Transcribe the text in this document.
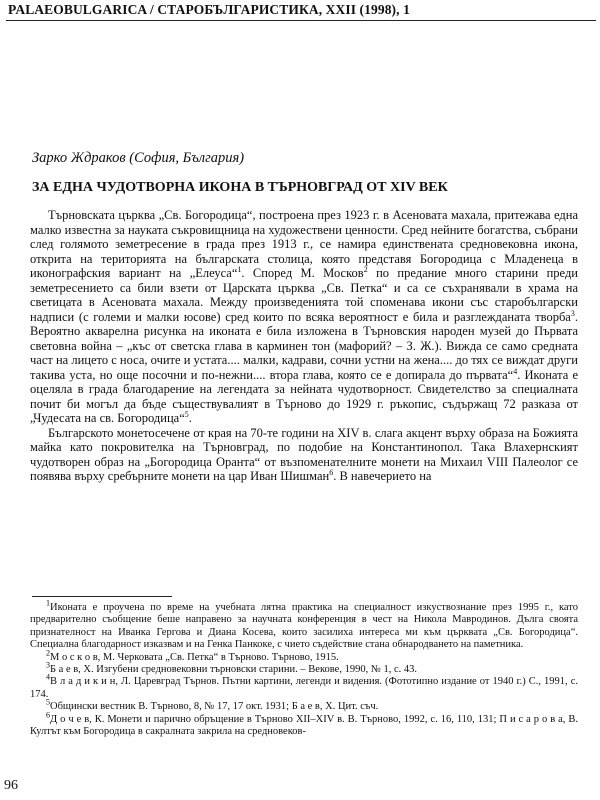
PALAEOBULGARICA / СТАРОБЪЛГАРИСТИКА, XXII (1998), 1
Зарко Ждраков (София, България)
ЗА ЕДНА ЧУДОТВОРНА ИКОНА В ТЪРНОВГРАД ОТ XIV ВЕК

Търновската църква „Св. Богородица“, построена през 1923 г. в Асеновата махала, притежава една малко известна за науката съкровищница на художествени ценности. Сред нейните богатства, събрани след голямото земетресение в града през 1913 г., се намира единствената средновековна икона, открита на територията на българската столица, която представя Богородица с Младенеца в иконографския вариант на „Елеуса“$^1$. Според М. Москов$^2$ по предание много старини преди земетресението са били взети от Царската църква „Св. Петка“ и са се съхранявали в храма на светицата в Асеновата махала. Между произведенията той споменава икони със старобългарски надписи (с големи и малки юсове) сред които по всяка вероятност е била и разглежданата творба$^3$. Вероятно акварелна рисунка на иконата е била изложена в Търновския народен музей до Първата световна война – „къс от светска глава в карминен тон (мафорий? – З. Ж.). Вижда се само средната част на лицето с носа, очите и устата.... малки, кадрави, сочни устни на жена.... до тях се виждат други такива уста, но още посочни и по-нежни.... втора глава, която се е допирала до първата“$^4$. Иконата е оцеляла в града благодарение на легендата за нейната чудотворност. Свидетелство за специалната почит би могъл да бъде съществувалият в Търново до 1929 г. ръкопис, съдържащ 72 разказа от „Чудесата на св. Богородица“$^5$.

Българското монетосечене от края на 70-те години на XIV в. слага акцент върху образа на Божията майка като покровителка на Търновград, по подобие на Константинопол. Така Влахернският чудотворен образ на „Богородица Оранта“ от възпоменателните монети на Михаил VIII Палеолог се появява върху сребърните монети на цар Иван Шишман$^6$. В навечерието на

$^1$Иконата е проучена по време на учебната лятна практика на специалност изкуствознание през 1995 г., като предварително съобщение беше направено за научната конференция в чест на Никола Мавродинов. Дълга своята признателност на Иванка Гергова и Диана Косева, които засилиха интереса ми към църквата „Св. Богородица“. Специална благодарност изказвам и на Генка Панкоке, с чието съдействие стана обнародването на паметника.

$^2$М о с к о в, М. Черковата „Св. Петка“ в Търново. Търново, 1915.

$^3$Б а е в, Х. Изгубени средновековни търновски старини. – Векове, 1990, № 1, с. 43.

$^4$В л а д и к и н, Л. Царевград Търнов. Пътни картини, легенди и видения. (Фототипно издание от 1940 г.) С., 1991, с. 174.

$^5$Общински вестник В. Търново, 8, № 17, 17 окт. 1931; Б а е в, Х. Цит. съч.

$^6$Д о ч е в, К. Монети и парично обръщение в Търново XII–XIV в. В. Търново, 1992, с. 16, 110, 131; П и с а р о в а, В. Култът към Богородица в сакралната закрила на средновеков-

96
